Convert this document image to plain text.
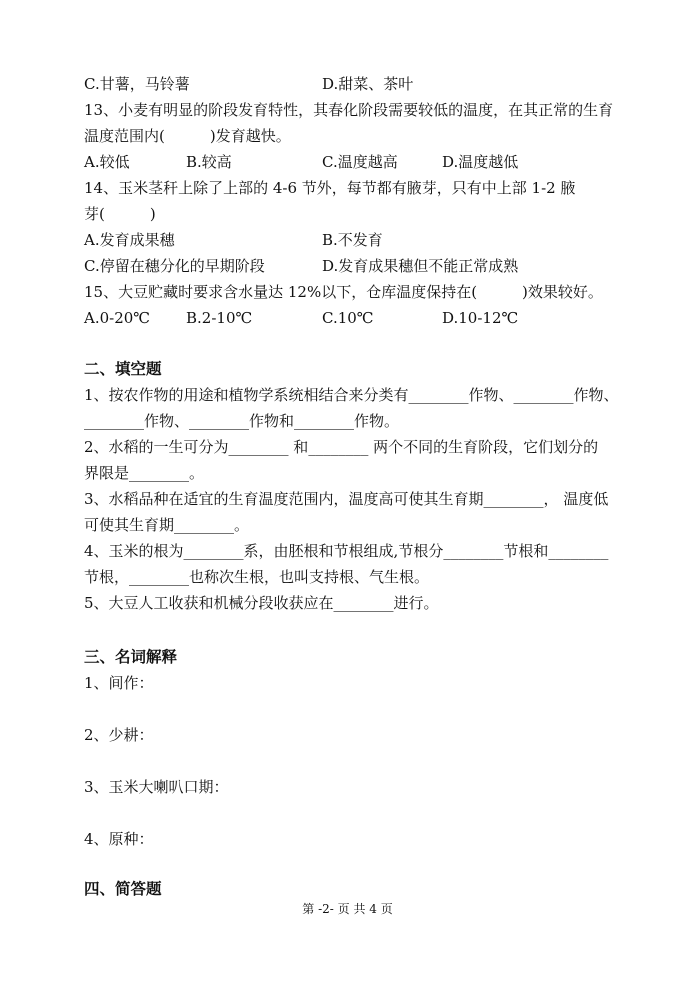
C.甘薯，马铃薯	D.甜菜、茶叶
13、小麦有明显的阶段发育特性，其春化阶段需要较低的温度，在其正常的生育
温度范围内(　　　)发育越快。
A.较低	B.较高	C.温度越高	D.温度越低
14、玉米茎秆上除了上部的 4-6 节外，每节都有腋芽，只有中上部 1-2 腋
芽(　　　)
A.发育成果穗	B.不发育
C.停留在穗分化的早期阶段	D.发育成果穗但不能正常成熟
15、大豆贮藏时要求含水量达 12%以下，仓库温度保持在(　　　)效果较好。
A.0-20℃ B.2-10℃	C.10℃	D.10-12℃
二、填空题
1、按农作物的用途和植物学系统相结合来分类有________作物、________作物、
________作物、________作物和________作物。
2、水稻的一生可分为________ 和________ 两个不同的生育阶段，它们划分的
界限是________。
3、水稻品种在适宜的生育温度范围内，温度高可使其生育期________， 温度低
可使其生育期________。
4、玉米的根为________系，由胚根和节根组成,节根分________节根和________
节根，________也称次生根，也叫支持根、气生根。
5、大豆人工收获和机械分段收获应在________进行。
三、名词解释
1、间作：
2、少耕：
3、玉米大喇叭口期：
4、原种：
四、简答题
第 -2- 页 共 4 页
